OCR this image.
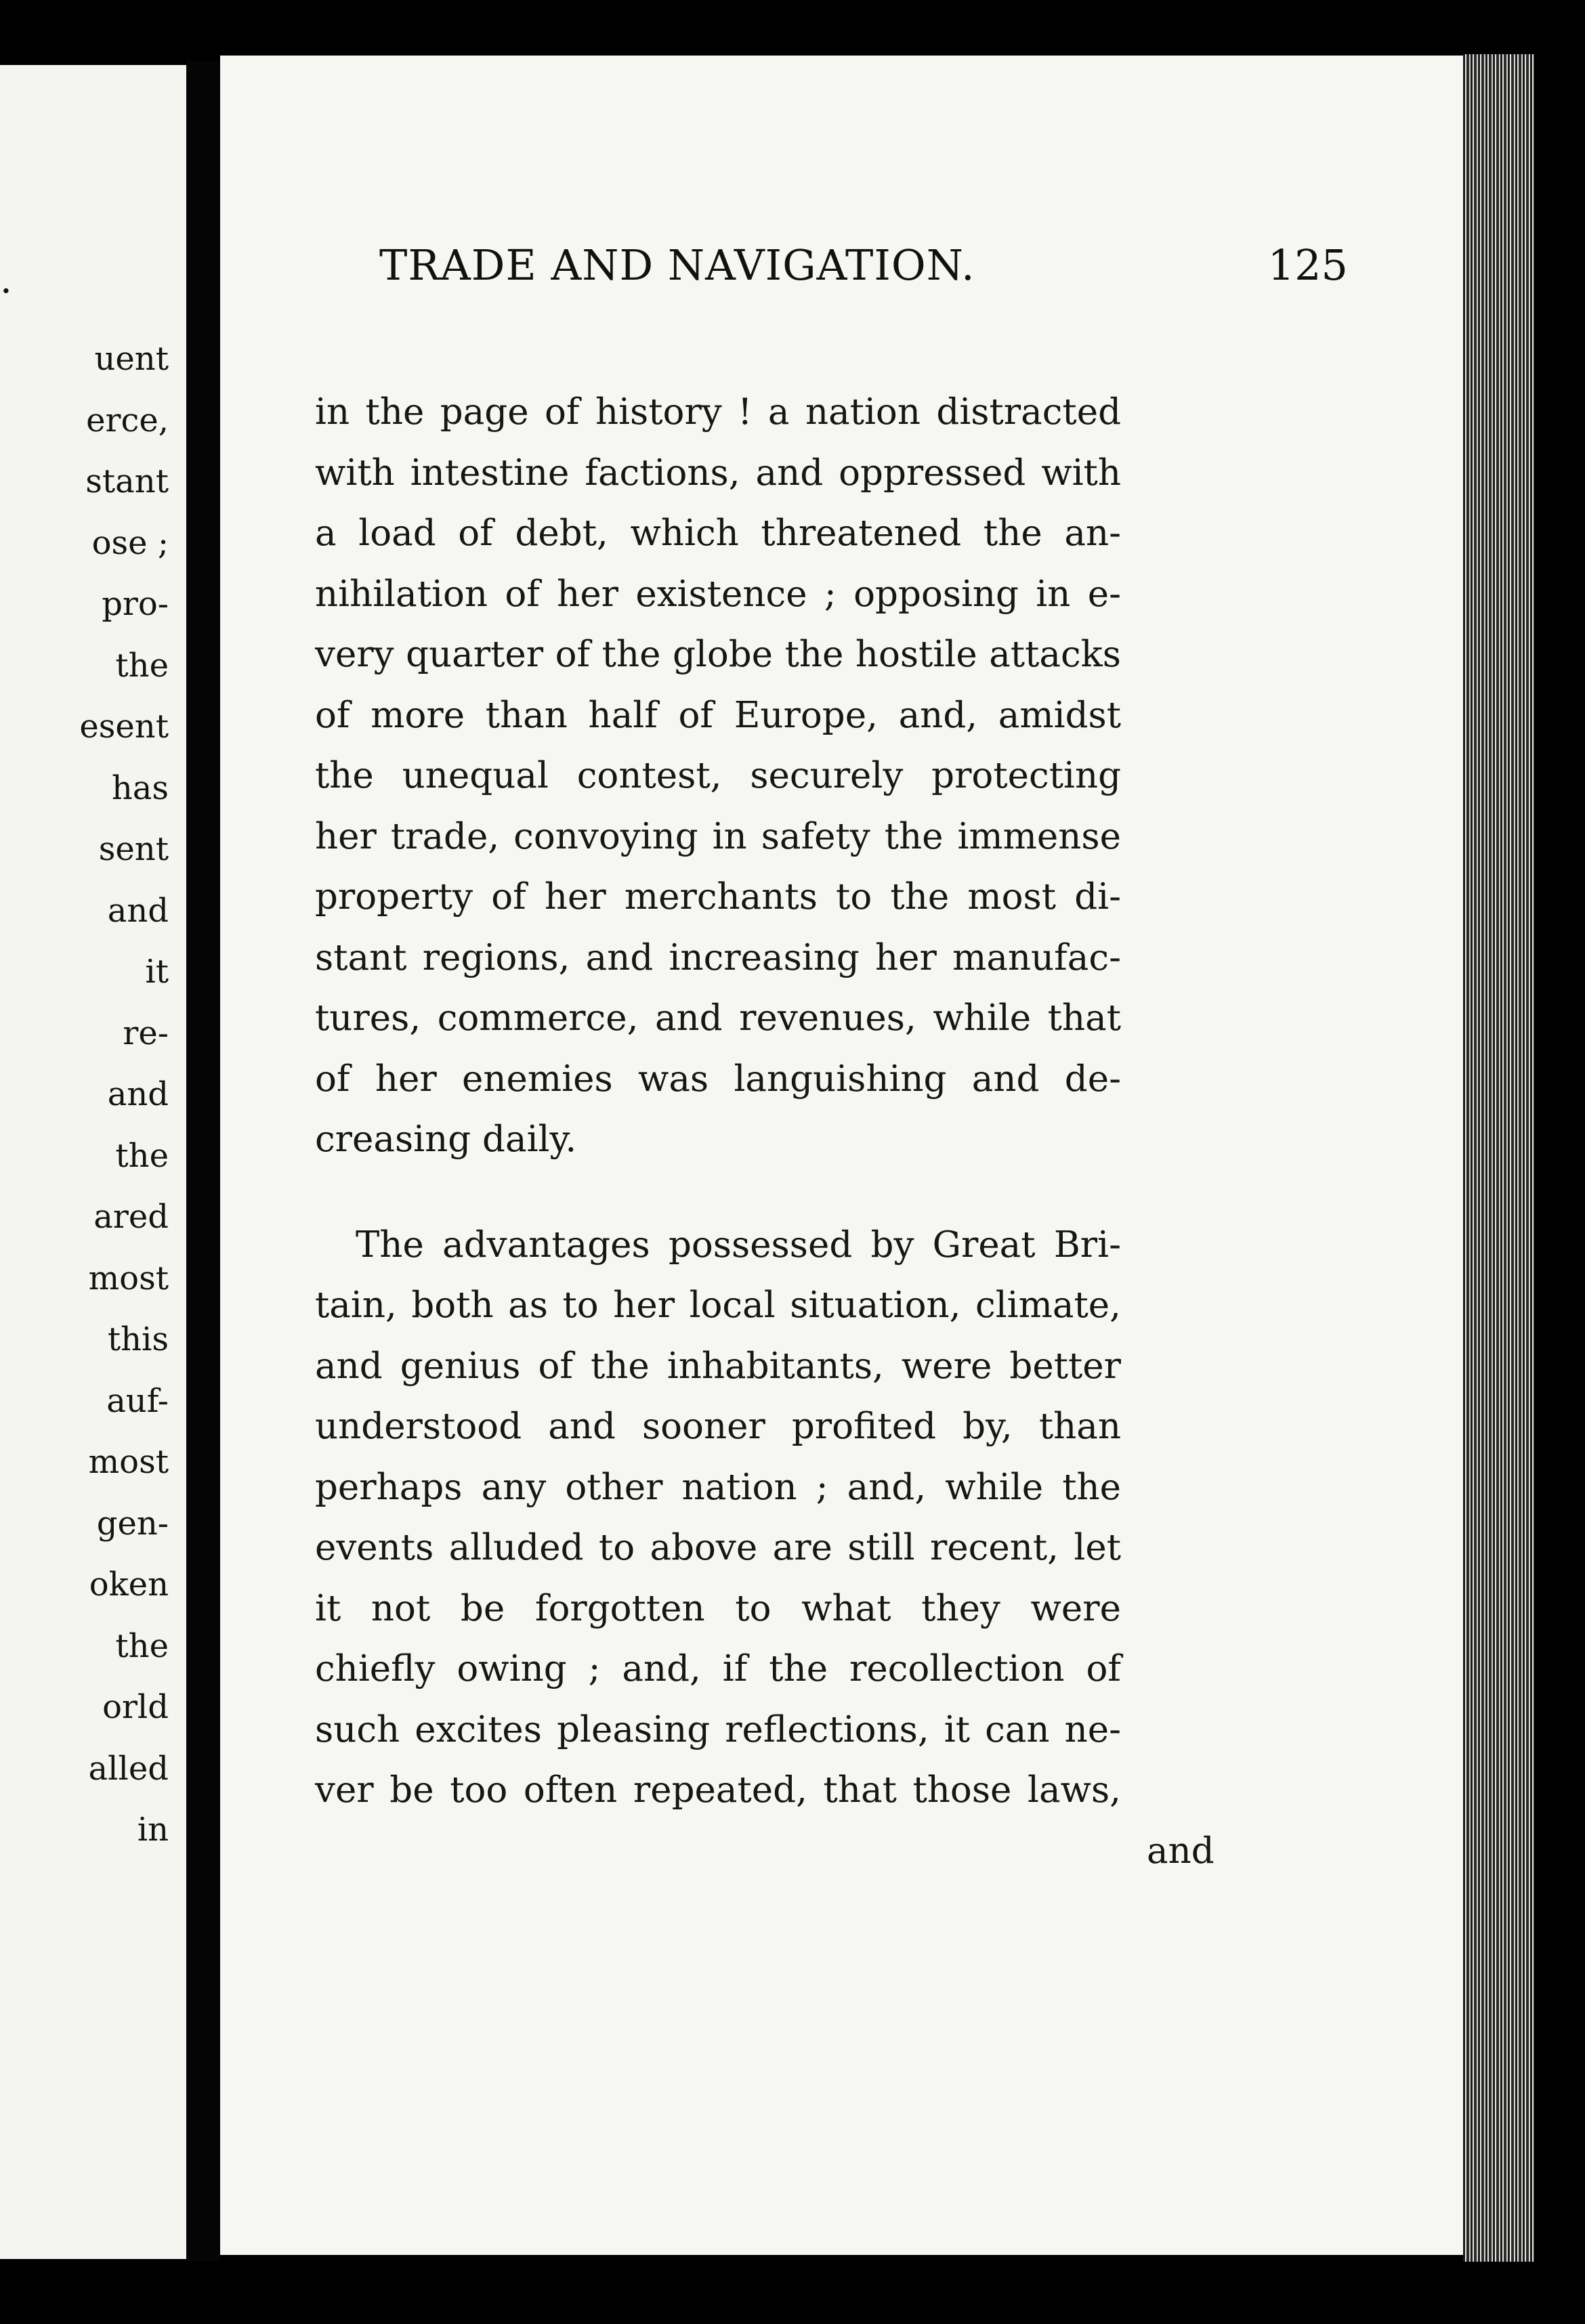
.

uent

erce,

stant

ose ;

pro-

the

esent

has

sent

and

it

re-

and

the

ared

most

this

auf-

most

gen-

oken

the

orld

alled

in

TRADE AND NAVIGATION.	125

in the page of history ! a nation distracted

with intestine factions, and oppressed with

a load of debt, which threatened the an-

nihilation of her existence ; opposing in e-

very quarter of the globe the hostile attacks

of more than half of Europe, and, amidst

the unequal contest, securely protecting

her trade, convoying in safety the immense

property of her merchants to the most di-

stant regions, and increasing her manufac-

tures, commerce, and revenues, while that

of her enemies was languishing and de-

creasing daily.

The advantages possessed by Great Bri-

tain, both as to her local situation, climate,

and genius of the inhabitants, were better

understood and sooner profited by, than

perhaps any other nation ; and, while the

events alluded to above are still recent, let

it not be forgotten to what they were

chiefly owing ; and, if the recollection of

such excites pleasing reflections, it can ne-

ver be too often repeated, that those laws,

and
